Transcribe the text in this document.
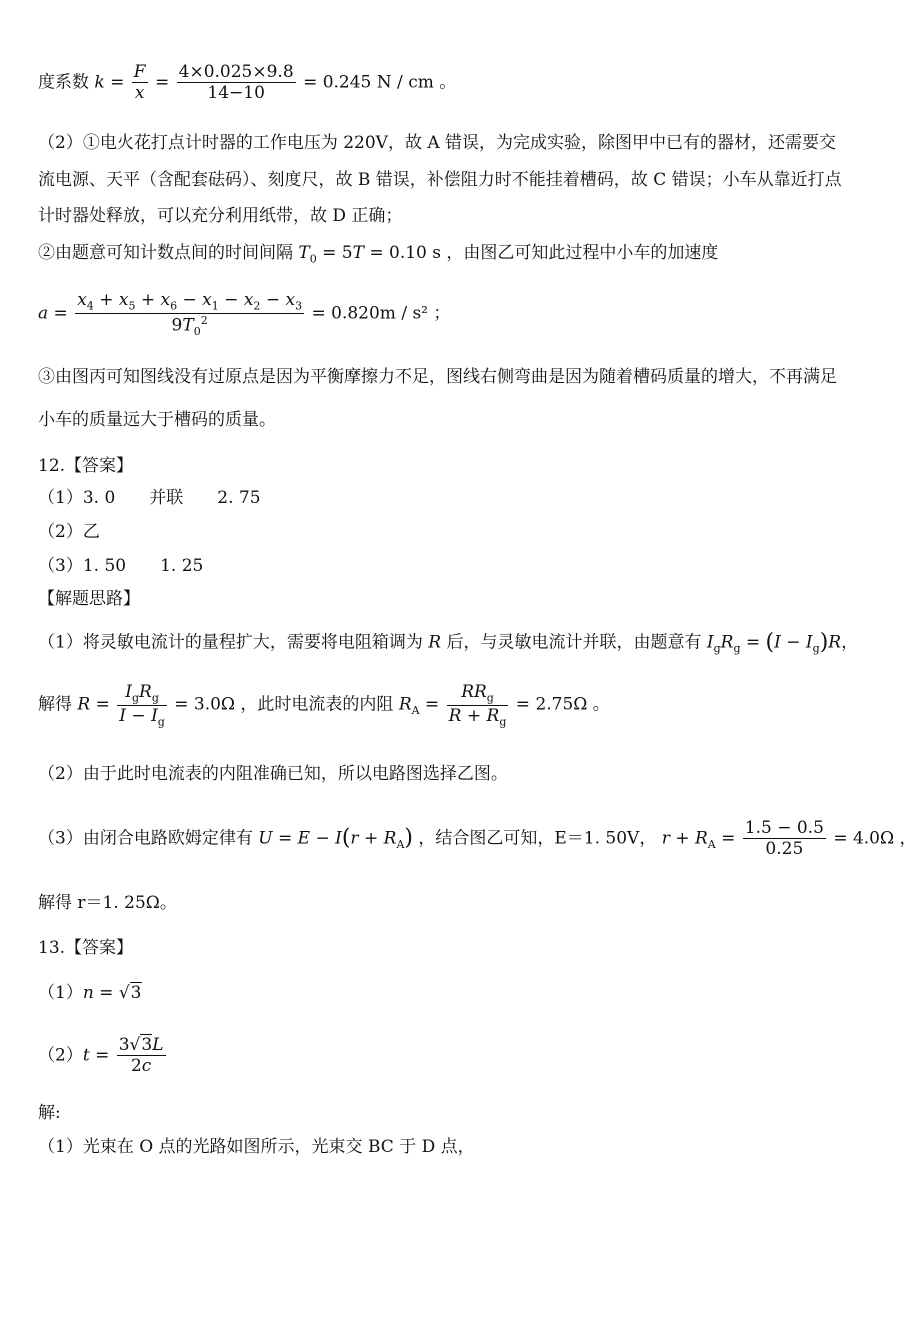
度系数 $k = \frac{F}{x} = \frac{4\times 0.025\times 9.8}{14-10} = 0.245$ N / cm 。
（2）①电火花打点计时器的工作电压为 220V，故 A 错误，为完成实验，除图甲中已有的器材，还需要交
流电源、天平（含配套砝码）、刻度尺，故 B 错误，补偿阻力时不能挂着槽码，故 C 错误；小车从靠近打点
计时器处释放，可以充分利用纸带，故 D 正确；
②由题意可知计数点间的时间间隔 $T_0 = 5T = 0.10$ s ，由图乙可知此过程中小车的加速度
$a = \frac{x_4 + x_5 + x_6 - x_1 - x_2 - x_3}{9T_0^2} = 0.820m / s^2$ ；
③由图丙可知图线没有过原点是因为平衡摩擦力不足，图线右侧弯曲是因为随着槽码质量的增大，不再满足
小车的质量远大于槽码的质量。
12.【答案】
（1）3. 0　　并联　　2. 75
（2）乙
（3）1. 50　　1. 25
【解题思路】
（1）将灵敏电流计的量程扩大，需要将电阻箱调为 R 后，与灵敏电流计并联，由题意有 $I_gR_g = (I - I_g)R$，
解得 $R = \frac{I_gR_g}{I - I_g} = 3.0\Omega$ ，此时电流表的内阻 $R_A = \frac{RR_g}{R + R_g} = 2.75\Omega$ 。
（2）由于此时电流表的内阻准确已知，所以电路图选择乙图。
（3）由闭合电路欧姆定律有 $U = E - I(r + R_A)$ ，结合图乙可知，E＝1. 50V， $r + R_A = \frac{1.5 - 0.5}{0.25} = 4.0\Omega$ ，
解得 r＝1. 25Ω。
13.【答案】
（1）n = √3
$(2)t = \frac{3√3L}{2c}$
解:
（1）光束在 O 点的光路如图所示，光束交 BC 于 D 点，
